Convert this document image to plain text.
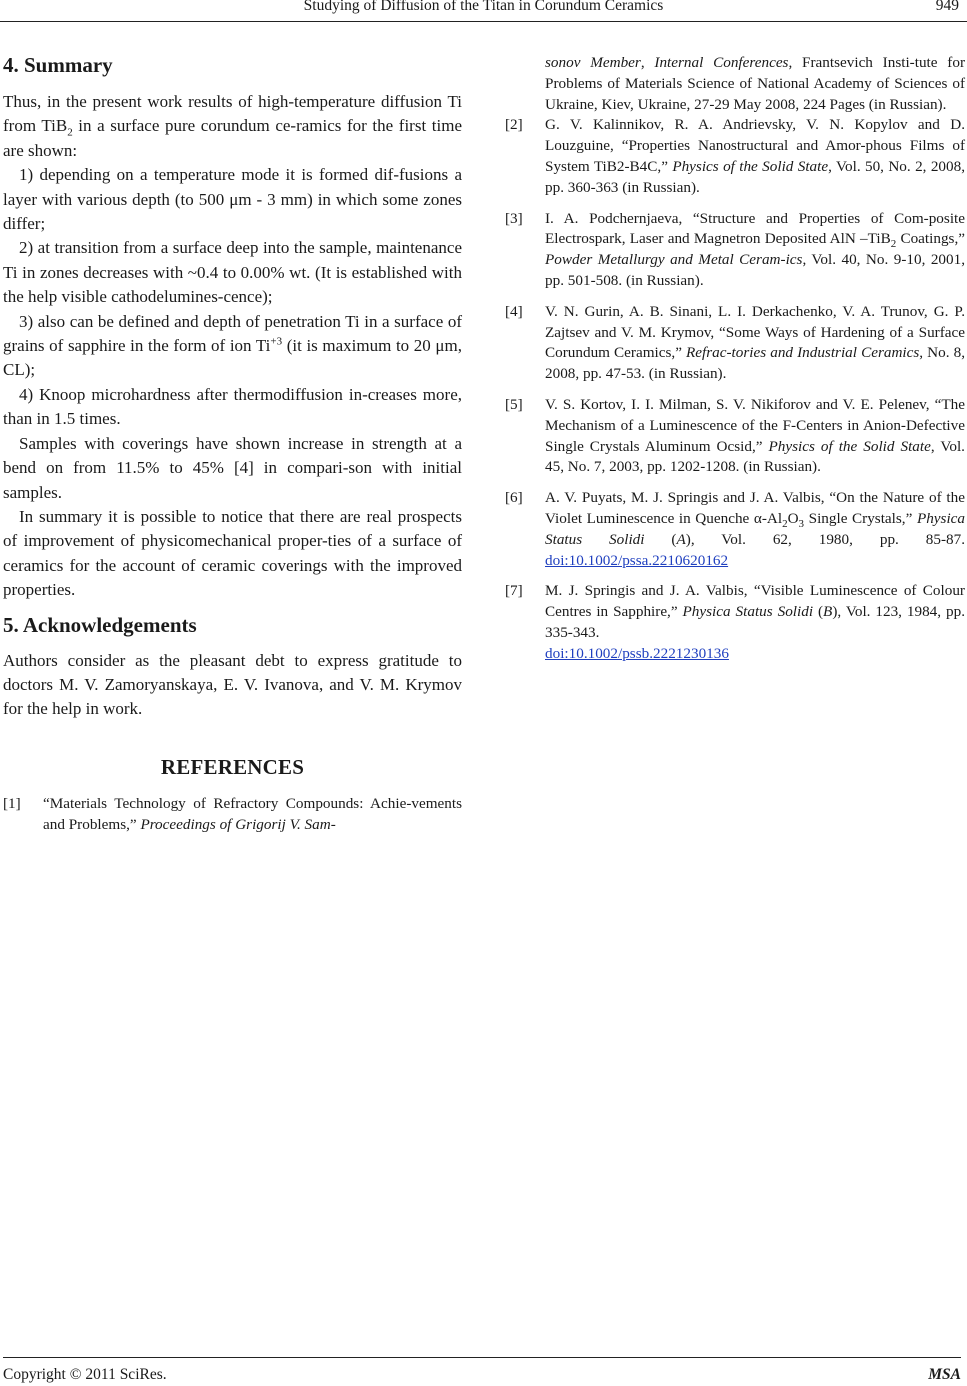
Studying of Diffusion of the Titan in Corundum Ceramics	949
4. Summary

Thus, in the present work results of high-temperature diffusion Ti from TiB$_2$ in a surface pure corundum ce-ramics for the first time are shown:

1) depending on a temperature mode it is formed dif-fusions a layer with various depth (to 500 μm - 3 mm) in which some zones differ;

2) at transition from a surface deep into the sample, maintenance Ti in zones decreases with ~0.4 to 0.00% wt. (It is established with the help visible cathodelumines-cence);

3) also can be defined and depth of penetration Ti in a surface of grains of sapphire in the form of ion $Ti^{+3}$ (it is maximum to 20 μm, CL);

4) Knoop microhardness after thermodiffusion in-creases more, than in 1.5 times.

Samples with coverings have shown increase in strength at a bend on from 11.5% to 45% [4] in compari-son with initial samples.

In summary it is possible to notice that there are real prospects of improvement of physicomechanical proper-ties of a surface of ceramics for the account of ceramic coverings with the improved properties.

5. Acknowledgements

Authors consider as the pleasant debt to express gratitude to doctors M. V. Zamoryanskaya, E. V. Ivanova, and V. M. Krymov for the help in work.

REFERENCES
[1] “Materials Technology of Refractory Compounds: Achie-vements and Problems,” Proceedings of Grigorij V. Sam-
sonov Member, Internal Conferences, Frantsevich Insti-tute for Problems of Materials Science of National Academy of Sciences of Ukraine, Kiev, Ukraine, 27-29 May 2008, 224 Pages (in Russian).
[2] G. V. Kalinnikov, R. A. Andrievsky, V. N. Kopylov and D. Louzguine, “Properties Nanostructural and Amor-phous Films of System TiB2-B4C,” Physics of the Solid State, Vol. 50, No. 2, 2008, pp. 360-363 (in Russian).
[3] I. A. Podchernjaeva, “Structure and Properties of Com-posite Electrospark, Laser and Magnetron Deposited AlN –TiB$_2$ Coatings,” Powder Metallurgy and Metal Ceram-ics, Vol. 40, No. 9-10, 2001, pp. 501-508. (in Russian).
[4] V. N. Gurin, A. B. Sinani, L. I. Derkachenko, V. A. Trunov, G. P. Zajtsev and V. M. Krymov, “Some Ways of Hardening of a Surface Corundum Ceramics,” Refrac-tories and Industrial Ceramics, No. 8, 2008, pp. 47-53. (in Russian).
[5] V. S. Kortov, I. I. Milman, S. V. Nikiforov and V. E. Pelenev, “The Mechanism of a Luminescence of the F-Centers in Anion-Defective Single Crystals Aluminum Ocsid,” Physics of the Solid State, Vol. 45, No. 7, 2003, pp. 1202-1208. (in Russian).
[6] A. V. Puyats, M. J. Springis and J. A. Valbis, “On the Nature of the Violet Luminescence in Quenche $\alpha-Al_2O_3$ Single Crystals,” Physica Status Solidi (A), Vol. 62, 1980, pp. 85-87. doi:10.1002/pssa.2210620162
[7] M. J. Springis and J. A. Valbis, “Visible Luminescence of Colour Centres in Sapphire,” Physica Status Solidi (B), Vol. 123, 1984, pp. 335-343.
doi:10.1002/pssb.2221230136
Copyright © 2011 SciRes.	MSA
